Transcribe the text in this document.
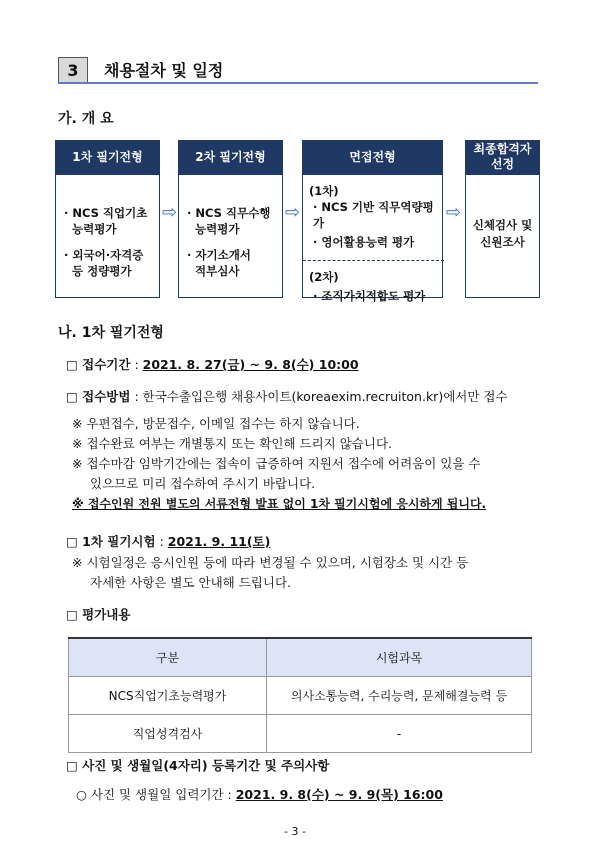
3	채용절차 및 일정
가. 개 요
1차 필기전형
· NCS 직업기초
능력평가
· 외국어·자격증
등 정량평가
⇨
2차 필기전형
· NCS 직무수행
능력평가
· 자기소개서
적부심사
⇨
면접전형
(1차)
· NCS 기반 직무역량평가
· 영어활용능력 평가
(2차)
· 조직가치적합도 평가
⇨
최종합격자
선정
신체검사 및
신원조사
나. 1차 필기전형
□ 접수기간 : 2021. 8. 27(금) ~ 9. 8(수) 10:00
□ 접수방법 : 한국수출입은행 채용사이트(koreaexim.recruiton.kr)에서만 접수
※ 우편접수, 방문접수, 이메일 접수는 하지 않습니다.
※ 접수완료 여부는 개별통지 또는 확인해 드리지 않습니다.
※ 접수마감 임박기간에는 접속이 급증하여 지원서 접수에 어려움이 있을 수
있으므로 미리 접수하여 주시기 바랍니다.
※ 접수인원 전원 별도의 서류전형 발표 없이 1차 필기시험에 응시하게 됩니다.
□ 1차 필기시험 : 2021. 9. 11(토)
※ 시험일정은 응시인원 등에 따라 변경될 수 있으며, 시험장소 및 시간 등
자세한 사항은 별도 안내해 드립니다.
□ 평가내용
구분	시험과목
NCS직업기초능력평가	의사소통능력, 수리능력, 문제해결능력 등
직업성격검사	-
□ 사진 및 생월일(4자리) 등록기간 및 주의사항
○ 사진 및 생월일 입력기간 : 2021. 9. 8(수) ~ 9. 9(목) 16:00
- 3 -
